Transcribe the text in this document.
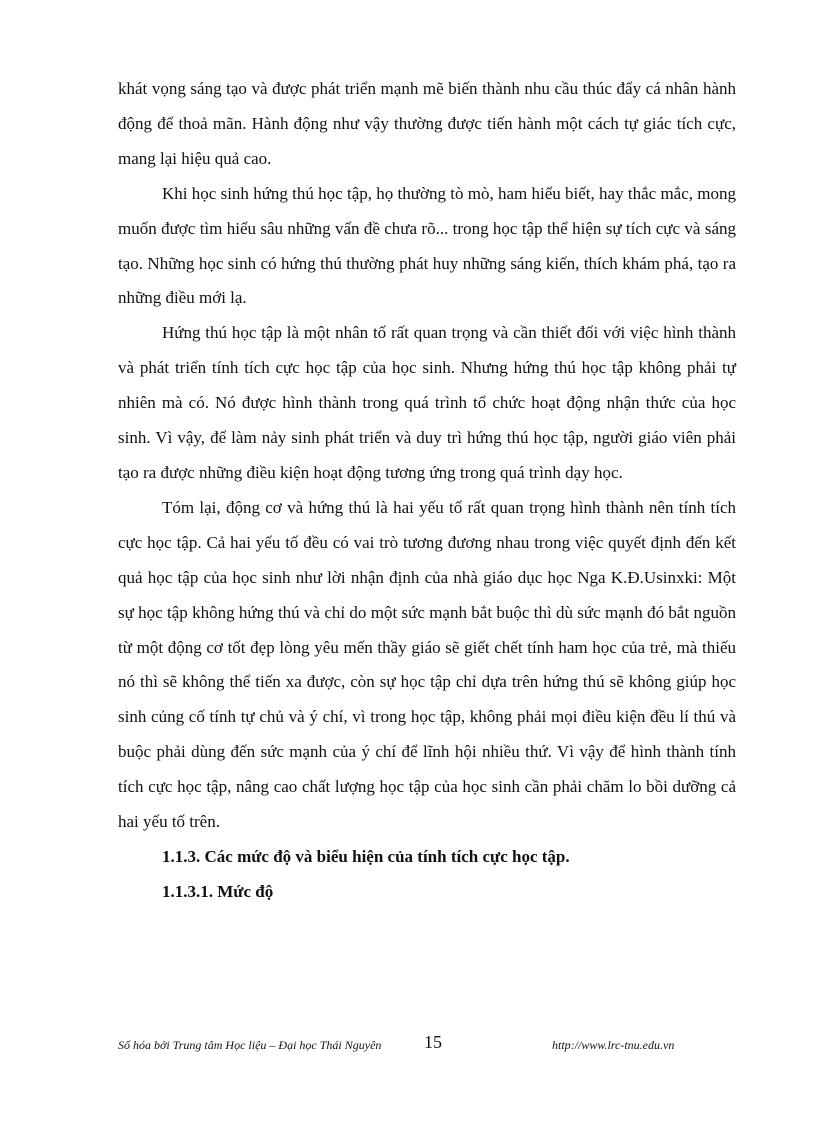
khát vọng sáng tạo và được phát triển mạnh mẽ biến thành nhu cầu thúc đẩy cá nhân hành động để thoả mãn. Hành động như vậy thường được tiến hành một cách tự giác tích cực, mang lại hiệu quả cao.

Khi học sinh hứng thú học tập, họ thường tò mò, ham hiểu biết, hay thắc mắc, mong muốn được tìm hiểu sâu những vấn đề chưa rõ... trong học tập thể hiện sự tích cực và sáng tạo. Những học sinh có hứng thú thường phát huy những sáng kiến, thích khám phá, tạo ra những điều mới lạ.

Hứng thú học tập là một nhân tố rất quan trọng và cần thiết đối với việc hình thành và phát triển tính tích cực học tập của học sinh. Nhưng hứng thú học tập không phải tự nhiên mà có. Nó được hình thành trong quá trình tổ chức hoạt động nhận thức của học sinh. Vì vậy, để làm nảy sinh phát triển và duy trì hứng thú học tập, người giáo viên phải tạo ra được những điều kiện hoạt động tương ứng trong quá trình dạy học.

Tóm lại, động cơ và hứng thú là hai yếu tố rất quan trọng hình thành nên tính tích cực học tập. Cả hai yếu tố đều có vai trò tương đương nhau trong việc quyết định đến kết quả học tập của học sinh như lời nhận định của nhà giáo dục học Nga K.Đ.Usinxki: Một sự học tập không hứng thú và chỉ do một sức mạnh bắt buộc thì dù sức mạnh đó bắt nguồn từ một động cơ tốt đẹp lòng yêu mến thầy giáo sẽ giết chết tính ham học của trẻ, mà thiếu nó thì sẽ không thể tiến xa được, còn sự học tập chỉ dựa trên hứng thú sẽ không giúp học sinh củng cố tính tự chủ và ý chí, vì trong học tập, không phải mọi điều kiện đều lí thú và buộc phải dùng đến sức mạnh của ý chí để lĩnh hội nhiều thứ. Vì vậy để hình thành tính tích cực học tập, nâng cao chất lượng học tập của học sinh cần phải chăm lo bồi dưỡng cả hai yếu tố trên.

1.1.3. Các mức độ và biểu hiện của tính tích cực học tập.
1.1.3.1. Mức độ
Số hóa bởi Trung tâm Học liệu – Đại học Thái Nguyên 15	http://www.lrc-tnu.edu.vn
